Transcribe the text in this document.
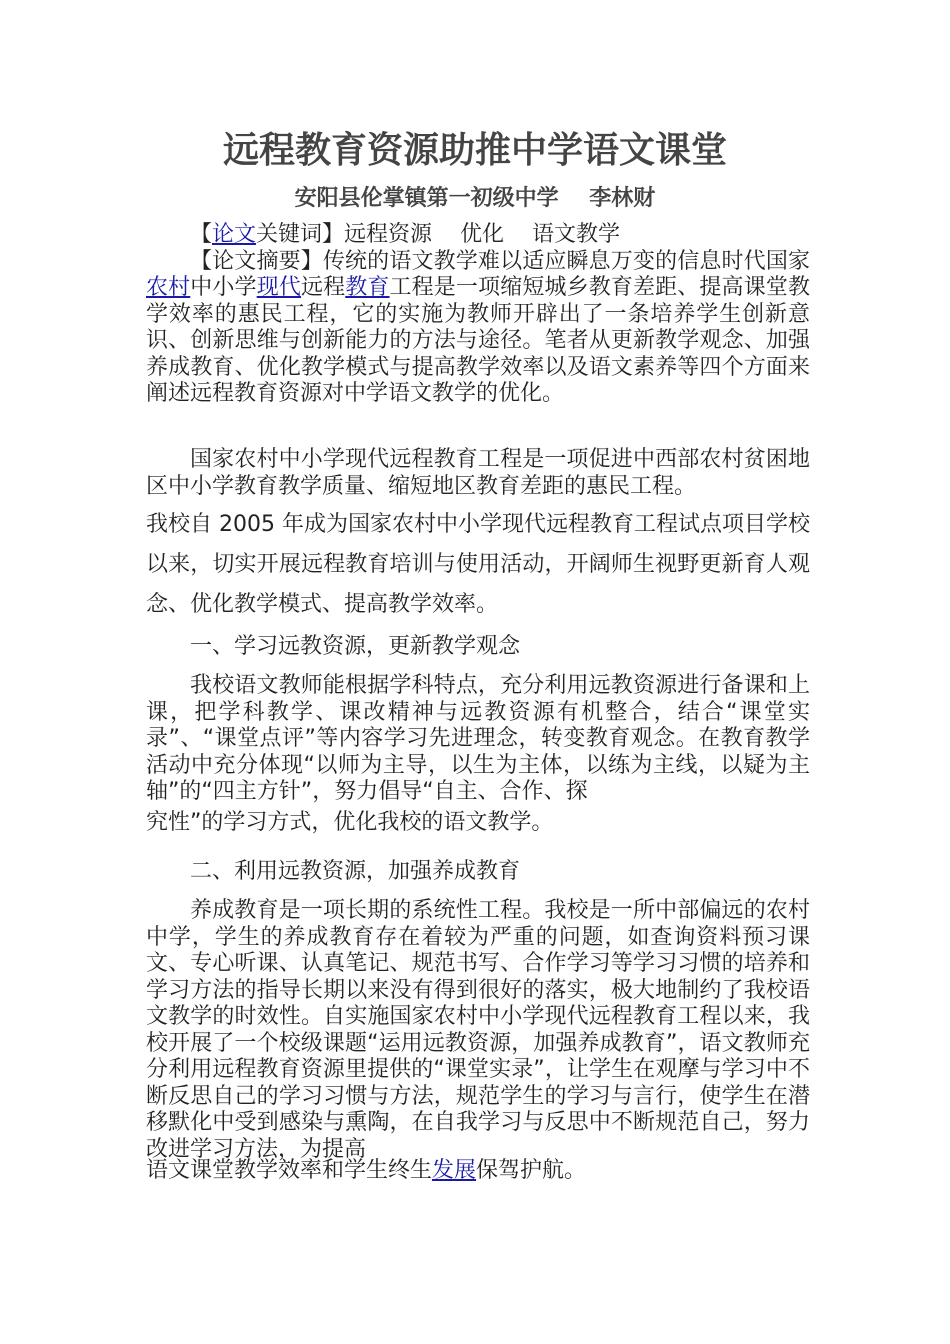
远程教育资源助推中学语文课堂
安阳县伦掌镇第一初级中学    李林财

【论文关键词】远程资源    优化    语文教学

【论文摘要】传统的语文教学难以适应瞬息万变的信息时代国家农村中小学现代远程教育工程是一项缩短城乡教育差距、提高课堂教学效率的惠民工程，它的实施为教师开辟出了一条培养学生创新意识、创新思维与创新能力的方法与途径。笔者从更新教学观念、加强养成教育、优化教学模式与提高教学效率以及语文素养等四个方面来阐述远程教育资源对中学语文教学的优化。

国家农村中小学现代远程教育工程是一项促进中西部农村贫困地区中小学教育教学质量、缩短地区教育差距的惠民工程。

我校自 2005 年成为国家农村中小学现代远程教育工程试点项目学校以来，切实开展远程教育培训与使用活动，开阔师生视野更新育人观念、优化教学模式、提高教学效率。

一、学习远教资源，更新教学观念

我校语文教师能根据学科特点，充分利用远教资源进行备课和上课，把学科教学、课改精神与远教资源有机整合，结合“课堂实录”、“课堂点评”等内容学习先进理念，转变教育观念。在教育教学活动中充分体现“以师为主导，以生为主体，以练为主线，以疑为主轴”的“四主方针”，努力倡导“自主、合作、探

究性”的学习方式，优化我校的语文教学。

二、利用远教资源，加强养成教育

养成教育是一项长期的系统性工程。我校是一所中部偏远的农村中学，学生的养成教育存在着较为严重的问题，如查询资料预习课文、专心听课、认真笔记、规范书写、合作学习等学习习惯的培养和学习方法的指导长期以来没有得到很好的落实，极大地制约了我校语文教学的时效性。自实施国家农村中小学现代远程教育工程以来，我校开展了一个校级课题“运用远教资源，加强养成教育”，语文教师充分利用远程教育资源里提供的“课堂实录”，让学生在观摩与学习中不断反思自己的学习习惯与方法，规范学生的学习与言行，使学生在潜移默化中受到感染与熏陶，在自我学习与反思中不断规范自己，努力改进学习方法，为提高

语文课堂教学效率和学生终生发展保驾护航。
